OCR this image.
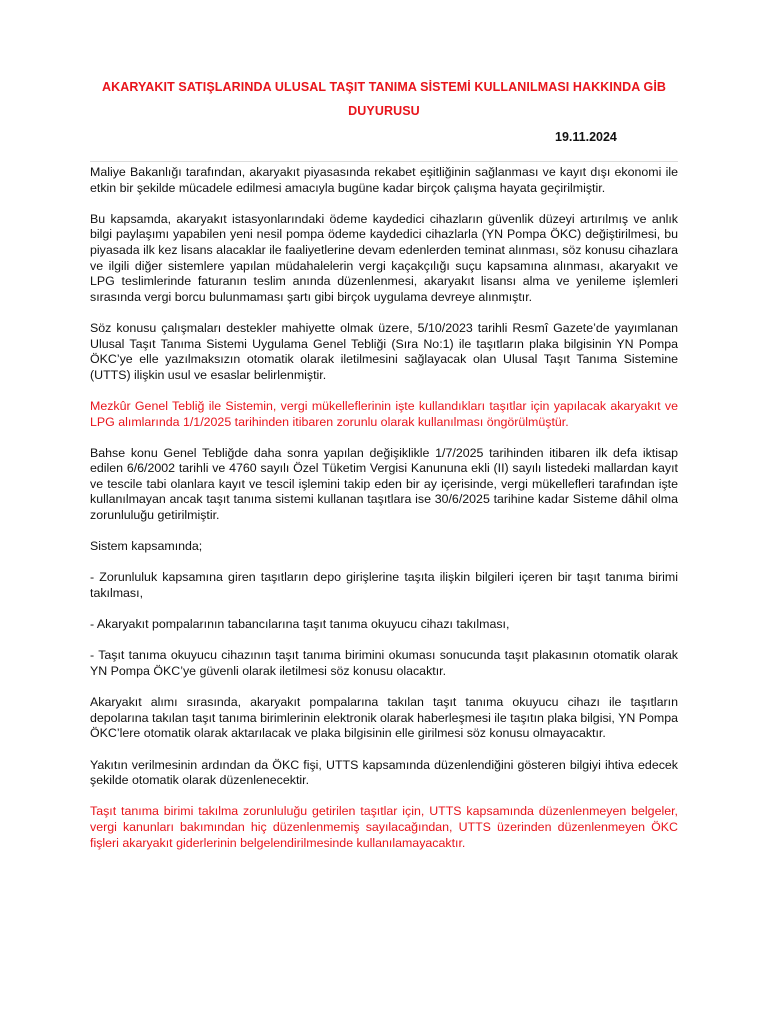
AKARYAKIT SATIŞLARINDA ULUSAL TAŞIT TANIMA SİSTEMİ KULLANILMASI HAKKINDA GİB
DUYURUSU
19.11.2024

Maliye Bakanlığı tarafından, akaryakıt piyasasında rekabet eşitliğinin sağlanması ve kayıt dışı ekonomi ile etkin bir şekilde mücadele edilmesi amacıyla bugüne kadar birçok çalışma hayata geçirilmiştir.

Bu kapsamda, akaryakıt istasyonlarındaki ödeme kaydedici cihazların güvenlik düzeyi artırılmış ve anlık bilgi paylaşımı yapabilen yeni nesil pompa ödeme kaydedici cihazlarla (YN Pompa ÖKC) değiştirilmesi, bu piyasada ilk kez lisans alacaklar ile faaliyetlerine devam edenlerden teminat alınması, söz konusu cihazlara ve ilgili diğer sistemlere yapılan müdahalelerin vergi kaçakçılığı suçu kapsamına alınması, akaryakıt ve LPG teslimlerinde faturanın teslim anında düzenlenmesi, akaryakıt lisansı alma ve yenileme işlemleri sırasında vergi borcu bulunmaması şartı gibi birçok uygulama devreye alınmıştır.

Söz konusu çalışmaları destekler mahiyette olmak üzere, 5/10/2023 tarihli Resmî Gazete’de yayımlanan Ulusal Taşıt Tanıma Sistemi Uygulama Genel Tebliği (Sıra No:1) ile taşıtların plaka bilgisinin YN Pompa ÖKC’ye elle yazılmaksızın otomatik olarak iletilmesini sağlayacak olan Ulusal Taşıt Tanıma Sistemine (UTTS) ilişkin usul ve esaslar belirlenmiştir.

Mezkûr Genel Tebliğ ile Sistemin, vergi mükelleflerinin işte kullandıkları taşıtlar için yapılacak akaryakıt ve LPG alımlarında 1/1/2025 tarihinden itibaren zorunlu olarak kullanılması öngörülmüştür.

Bahse konu Genel Tebliğde daha sonra yapılan değişiklikle 1/7/2025 tarihinden itibaren ilk defa iktisap edilen 6/6/2002 tarihli ve 4760 sayılı Özel Tüketim Vergisi Kanununa ekli (II) sayılı listedeki mallardan kayıt ve tescile tabi olanlara kayıt ve tescil işlemini takip eden bir ay içerisinde, vergi mükellefleri tarafından işte kullanılmayan ancak taşıt tanıma sistemi kullanan taşıtlara ise 30/6/2025 tarihine kadar Sisteme dâhil olma zorunluluğu getirilmiştir.

Sistem kapsamında;

- Zorunluluk kapsamına giren taşıtların depo girişlerine taşıta ilişkin bilgileri içeren bir taşıt tanıma birimi takılması,

- Akaryakıt pompalarının tabancılarına taşıt tanıma okuyucu cihazı takılması,

- Taşıt tanıma okuyucu cihazının taşıt tanıma birimini okuması sonucunda taşıt plakasının otomatik olarak YN Pompa ÖKC’ye güvenli olarak iletilmesi söz konusu olacaktır.

Akaryakıt alımı sırasında, akaryakıt pompalarına takılan taşıt tanıma okuyucu cihazı ile taşıtların depolarına takılan taşıt tanıma birimlerinin elektronik olarak haberleşmesi ile taşıtın plaka bilgisi, YN Pompa ÖKC’lere otomatik olarak aktarılacak ve plaka bilgisinin elle girilmesi söz konusu olmayacaktır.

Yakıtın verilmesinin ardından da ÖKC fişi, UTTS kapsamında düzenlendiğini gösteren bilgiyi ihtiva edecek şekilde otomatik olarak düzenlenecektir.

Taşıt tanıma birimi takılma zorunluluğu getirilen taşıtlar için, UTTS kapsamında düzenlenmeyen belgeler, vergi kanunları bakımından hiç düzenlenmemiş sayılacağından, UTTS üzerinden düzenlenmeyen ÖKC fişleri akaryakıt giderlerinin belgelendirilmesinde kullanılamayacaktır.
